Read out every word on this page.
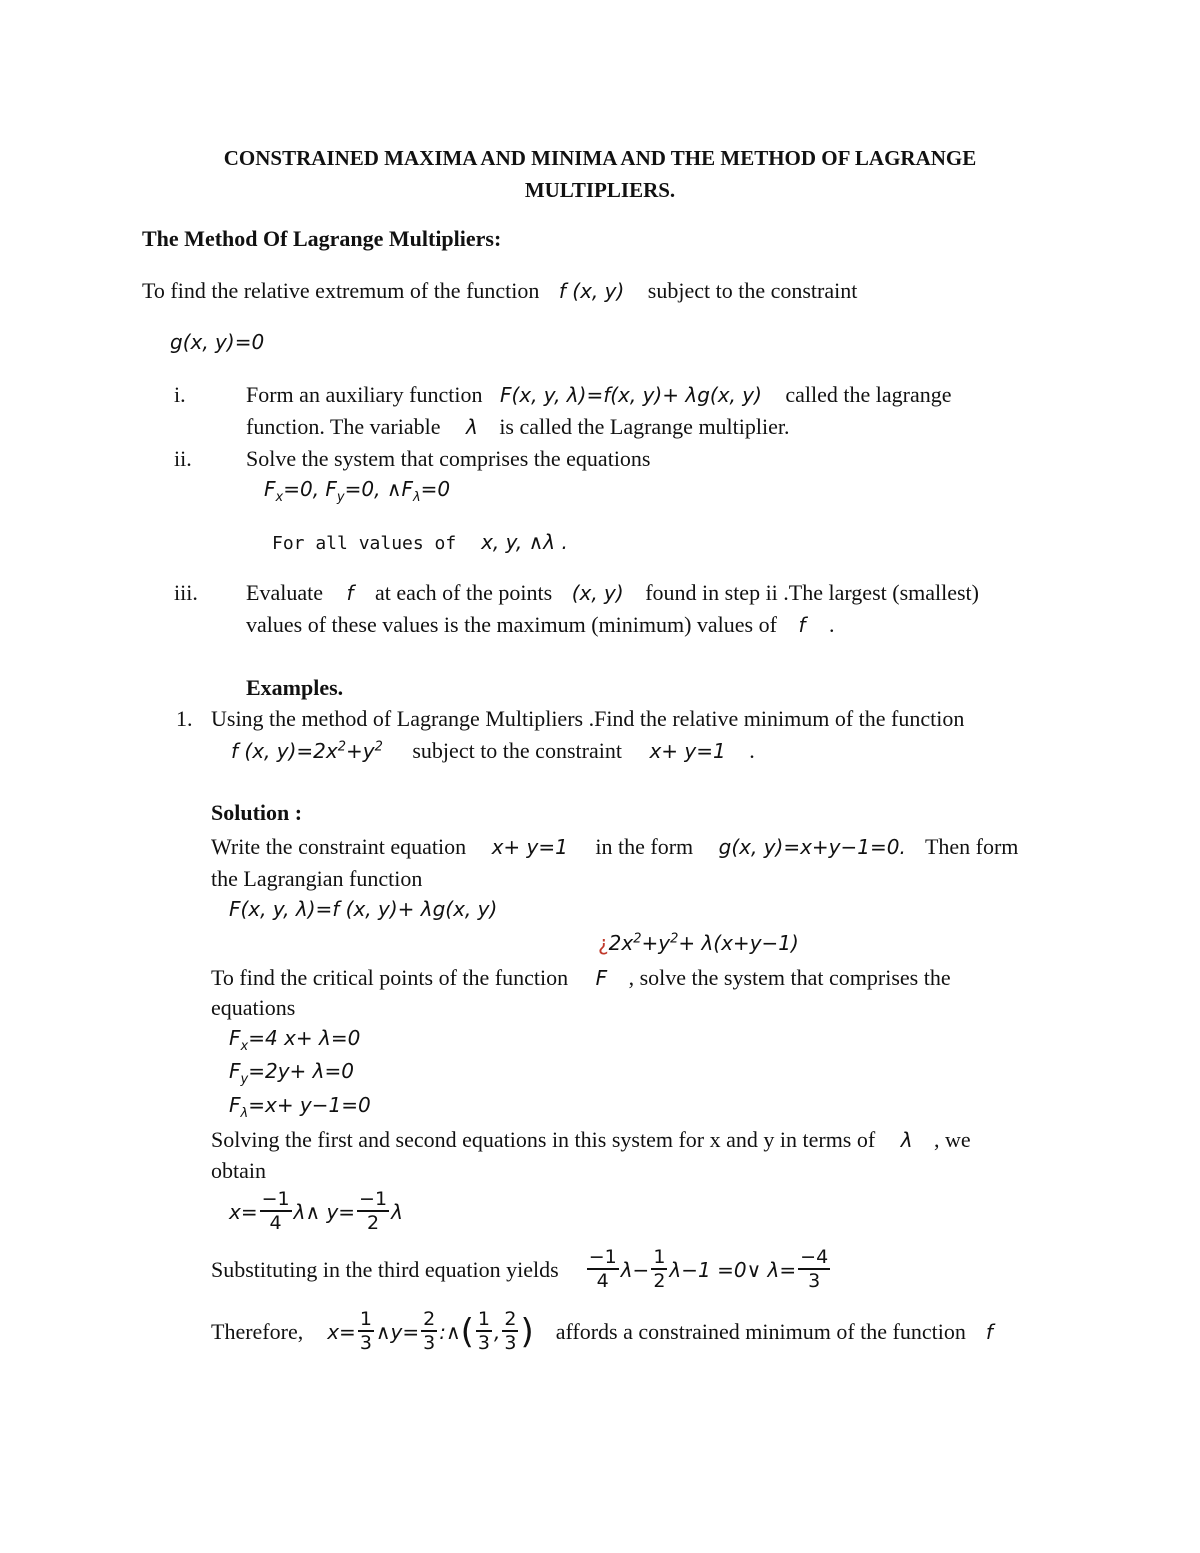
CONSTRAINED MAXIMA AND MINIMA AND THE METHOD OF LAGRANGE
MULTIPLIERS.
The Method Of Lagrange Multipliers:
To find the relative extremum of the function f (x, y) subject to the constraint
g(x, y)=0
i.	Form an auxiliary function F(x, y, λ)=f(x, y)+ λg(x, y) called the lagrange
function. The variable λ is called the Lagrange multiplier.
ii. Solve the system that comprises the equations
$F_x=0$, $F_y=0$, $\wedge F_\lambda=0$
For all values of x, y, ∧λ .
iii. Evaluate f at each of the points (x, y) found in step ii .The largest (smallest)
values of these values is the maximum (minimum) values of f .
Examples.
1. Using the method of Lagrange Multipliers .Find the relative minimum of the function
f (x, $y)=2x^2+y^2$ subject to the constraint x+ y=1 .
Solution :
Write the constraint equation x+ y=1 in the form g(x, y)=x+y−1=0. Then form
the Lagrangian function
F(x, y, λ)=f (x, y)+ λg(x, y)
¿$2x^2+y^2+ \lambda(x+y-1)$
To find the critical points of the function F , solve the system that comprises the
equations
$F_x=4$ x+ λ=0
$F_y=2y+ \lambda=0$
$F_\lambda=x+ y-1=0$
Solving the first and second equations in this system for x and y in terms of λ , we
obtain
$x= \frac{-1}{4}$ λ∧ $y= \frac{-1}{2}$ λ
Substituting in the third equation yields $\frac{-1}{4} \lambda- \frac{1}{2} \lambda-1$ =0∨ $\lambda= \frac{-4}{3}$
Therefore, $x= \frac{1}{3}$ ∧y= $\frac{2}{3}$ :∧ ( $\frac{1}{3}$ , $\frac{2}{3}$ ) affords a constrained minimum of the function f
